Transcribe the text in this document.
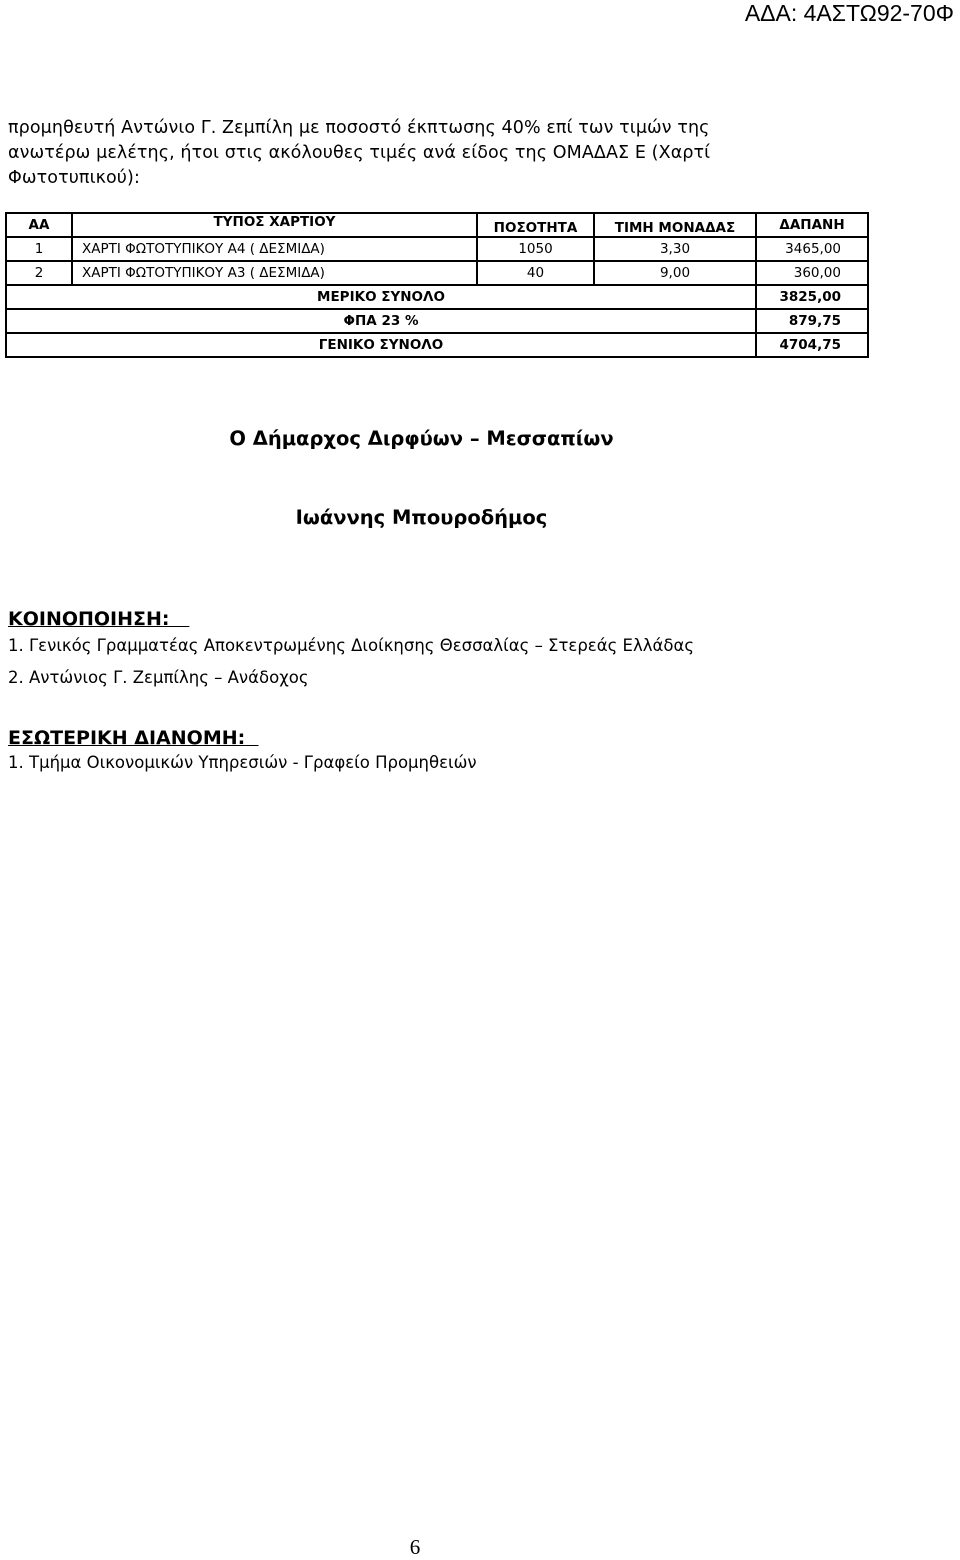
ΑΔΑ: 4ΑΣΤΩ92-70Φ
προμηθευτή Αντώνιο Γ. Ζεμπίλη με ποσοστό έκπτωσης 40% επί των τιμών της
ανωτέρω μελέτης, ήτοι στις ακόλουθες τιμές ανά είδος της ΟΜΑΔΑΣ Ε (Χαρτί
Φωτοτυπικού):
ΑΑ	ΤΥΠΟΣ ΧΑΡΤΙΟΥ	ΠΟΣΟΤΗΤΑ	ΤΙΜΗ ΜΟΝΑΔΑΣ	ΔΑΠΑΝΗ
1	ΧΑΡΤΙ ΦΩΤΟΤΥΠΙΚΟΥ Α4 ( ΔΕΣΜΙΔΑ)	1050	3,30	3465,00
2	ΧΑΡΤΙ ΦΩΤΟΤΥΠΙΚΟΥ Α3 ( ΔΕΣΜΙΔΑ)	40	9,00	360,00
ΜΕΡΙΚΟ ΣΥΝΟΛΟ				3825,00
ΦΠΑ 23 %				879,75
ΓΕΝΙΚΟ ΣΥΝΟΛΟ				4704,75
Ο Δήμαρχος Διρφύων – Μεσσαπίων
Ιωάννης Μπουροδήμος
ΚΟΙΝΟΠΟΙΗΣΗ:
1. Γενικός Γραμματέας Αποκεντρωμένης Διοίκησης Θεσσαλίας – Στερεάς Ελλάδας
2. Αντώνιος Γ. Ζεμπίλης – Ανάδοχος
ΕΣΩΤΕΡΙΚΗ ΔΙΑΝΟΜΗ:
1. Τμήμα Οικονομικών Υπηρεσιών - Γραφείο Προμηθειών
6
